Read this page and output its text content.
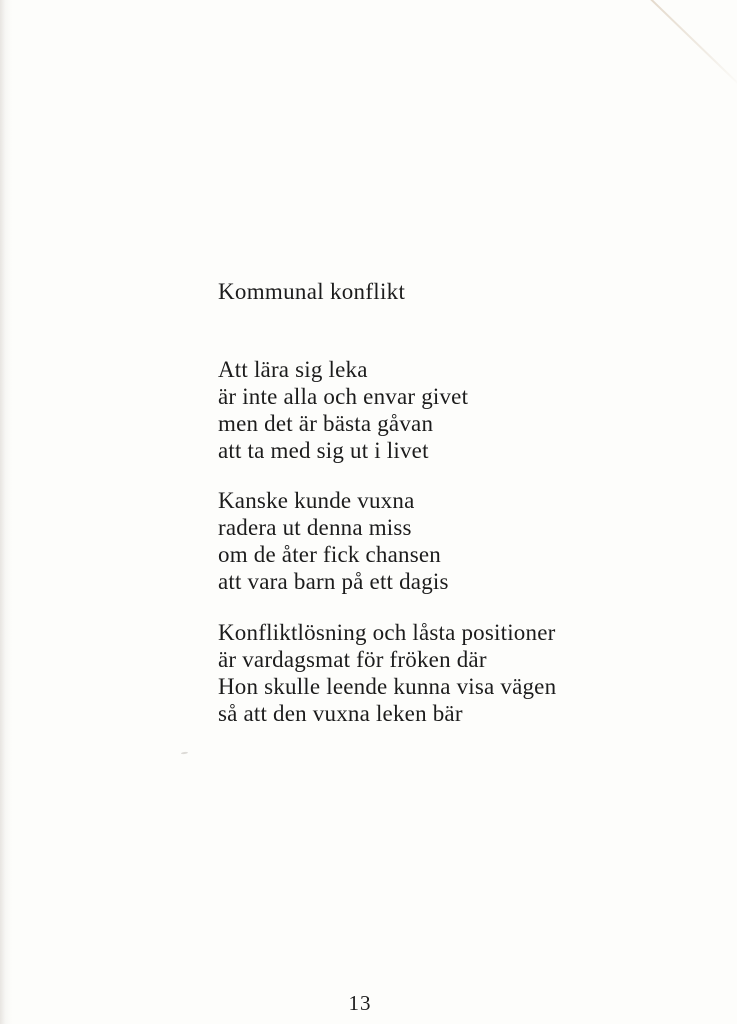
Kommunal konflikt
Att lära sig leka
är inte alla och envar givet
men det är bästa gåvan
att ta med sig ut i livet
Kanske kunde vuxna
radera ut denna miss
om de åter fick chansen
att vara barn på ett dagis
Konfliktlösning och låsta positioner
är vardagsmat för fröken där
Hon skulle leende kunna visa vägen
så att den vuxna leken bär
13
